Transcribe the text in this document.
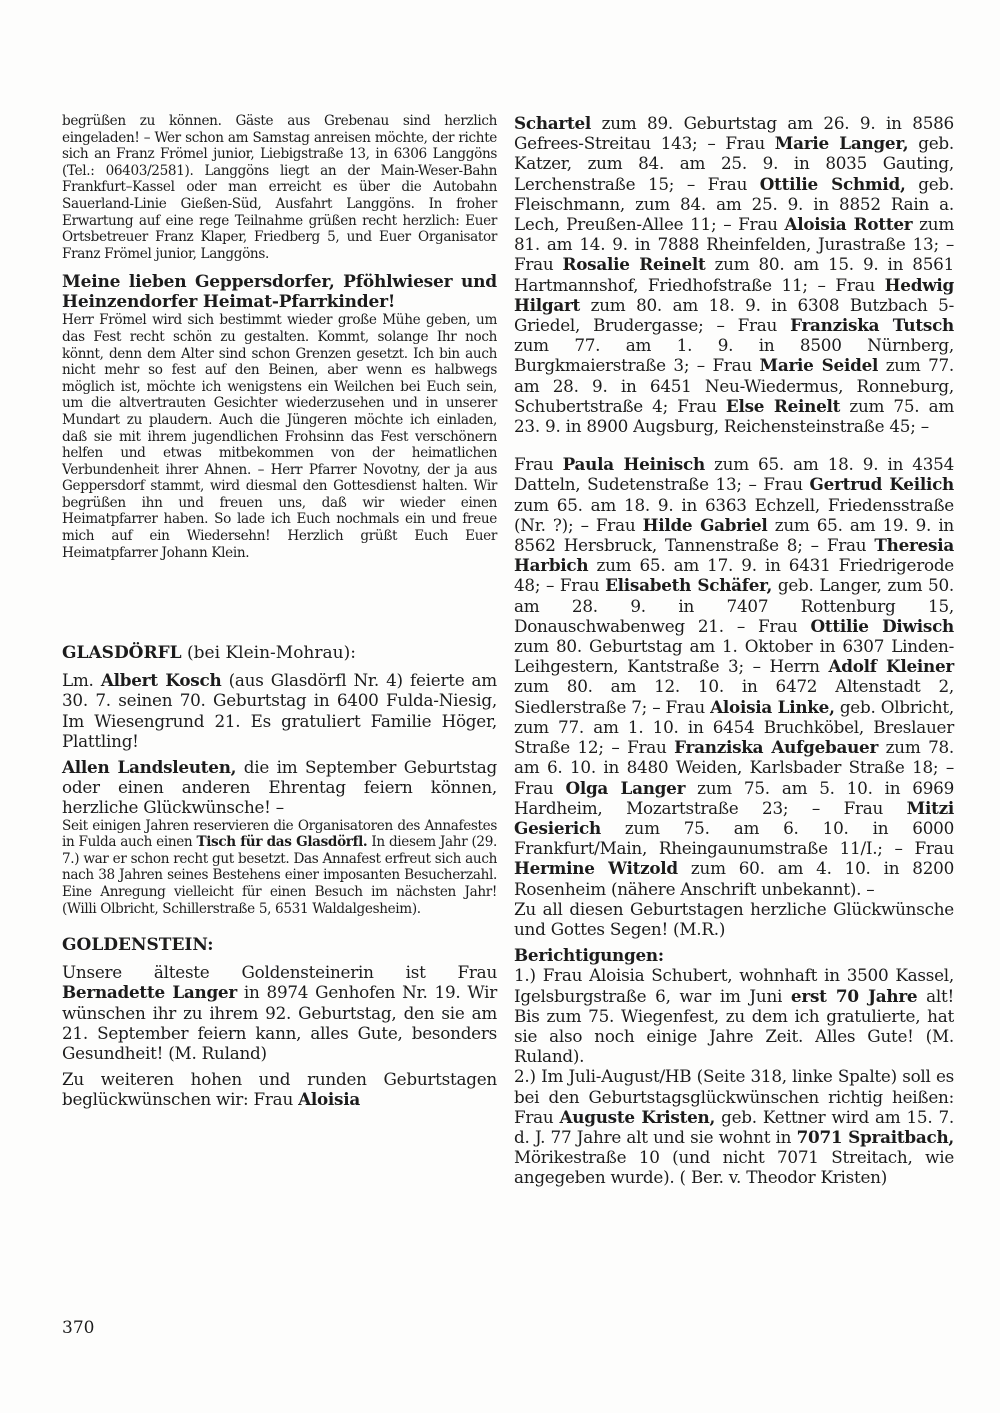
begrüßen zu können. Gäste aus Grebenau sind herzlich eingeladen! – Wer schon am Samstag anreisen möchte, der richte sich an Franz Frömel junior, Liebigstraße 13, in 6306 Langgöns (Tel.: 06403/2581). Langgöns liegt an der Main-Weser-Bahn Frankfurt–Kassel oder man erreicht es über die Autobahn Sauerland-Linie Gießen-Süd, Ausfahrt Langgöns. In froher Erwartung auf eine rege Teilnahme grüßen recht herzlich: Euer Ortsbetreuer Franz Klaper, Friedberg 5, und Euer Organisator Franz Frömel junior, Langgöns.

Meine lieben Geppersdorfer, Pföhlwieser und Heinzendorfer Heimat-Pfarrkinder!

Herr Frömel wird sich bestimmt wieder große Mühe geben, um das Fest recht schön zu gestalten. Kommt, solange Ihr noch könnt, denn dem Alter sind schon Grenzen gesetzt. Ich bin auch nicht mehr so fest auf den Beinen, aber wenn es halbwegs möglich ist, möchte ich wenigstens ein Weilchen bei Euch sein, um die altvertrauten Gesichter wiederzusehen und in unserer Mundart zu plaudern. Auch die Jüngeren möchte ich einladen, daß sie mit ihrem jugendlichen Frohsinn das Fest verschönern helfen und etwas mitbekommen von der heimatlichen Verbundenheit ihrer Ahnen. – Herr Pfarrer Novotny, der ja aus Geppersdorf stammt, wird diesmal den Gottesdienst halten. Wir begrüßen ihn und freuen uns, daß wir wieder einen Heimatpfarrer haben. So lade ich Euch nochmals ein und freue mich auf ein Wiedersehn! Herzlich grüßt Euch Euer Heimatpfarrer Johann Klein.

GLASDÖRFL (bei Klein-Mohrau):

Lm. Albert Kosch (aus Glasdörfl Nr. 4) feierte am 30. 7. seinen 70. Geburtstag in 6400 Fulda-Niesig, Im Wiesengrund 21. Es gratuliert Familie Höger, Plattling!

Allen Landsleuten, die im September Geburtstag oder einen anderen Ehrentag feiern können, herzliche Glückwünsche! –

Seit einigen Jahren reservieren die Organisatoren des Annafestes in Fulda auch einen Tisch für das Glasdörfl. In diesem Jahr (29. 7.) war er schon recht gut besetzt. Das Annafest erfreut sich auch nach 38 Jahren seines Bestehens einer imposanten Besucherzahl. Eine Anregung vielleicht für einen Besuch im nächsten Jahr! (Willi Olbricht, Schillerstraße 5, 6531 Waldalgesheim).

GOLDENSTEIN:

Unsere älteste Goldensteinerin ist Frau Bernadette Langer in 8974 Genhofen Nr. 19. Wir wünschen ihr zu ihrem 92. Geburtstag, den sie am 21. September feiern kann, alles Gute, besonders Gesundheit! (M. Ruland)

Zu weiteren hohen und runden Geburtstagen beglückwünschen wir: Frau Aloisia

Schartel zum 89. Geburtstag am 26. 9. in 8586 Gefrees-Streitau 143; – Frau Marie Langer, geb. Katzer, zum 84. am 25. 9. in 8035 Gauting, Lerchenstraße 15; – Frau Ottilie Schmid, geb. Fleischmann, zum 84. am 25. 9. in 8852 Rain a. Lech, Preußen-Allee 11; – Frau Aloisia Rotter zum 81. am 14. 9. in 7888 Rheinfelden, Jurastraße 13; – Frau Rosalie Reinelt zum 80. am 15. 9. in 8561 Hartmannshof, Friedhofstraße 11; – Frau Hedwig Hilgart zum 80. am 18. 9. in 6308 Butzbach 5-Griedel, Brudergasse; – Frau Franziska Tutsch zum 77. am 1. 9. in 8500 Nürnberg, Burgkmaierstraße 3; – Frau Marie Seidel zum 77. am 28. 9. in 6451 Neu-Wiedermus, Ronneburg, Schubertstraße 4; Frau Else Reinelt zum 75. am 23. 9. in 8900 Augsburg, Reichensteinstraße 45; –

Frau Paula Heinisch zum 65. am 18. 9. in 4354 Datteln, Sudetenstraße 13; – Frau Gertrud Keilich zum 65. am 18. 9. in 6363 Echzell, Friedensstraße (Nr. ?); – Frau Hilde Gabriel zum 65. am 19. 9. in 8562 Hersbruck, Tannenstraße 8; – Frau Theresia Harbich zum 65. am 17. 9. in 6431 Friedrigerode 48; – Frau Elisabeth Schäfer, geb. Langer, zum 50. am 28. 9. in 7407 Rottenburg 15, Donauschwabenweg 21. – Frau Ottilie Diwisch zum 80. Geburtstag am 1. Oktober in 6307 Linden-Leihgestern, Kantstraße 3; – Herrn Adolf Kleiner zum 80. am 12. 10. in 6472 Altenstadt 2, Siedlerstraße 7; – Frau Aloisia Linke, geb. Olbricht, zum 77. am 1. 10. in 6454 Bruchköbel, Breslauer Straße 12; – Frau Franziska Aufgebauer zum 78. am 6. 10. in 8480 Weiden, Karlsbader Straße 18; – Frau Olga Langer zum 75. am 5. 10. in 6969 Hardheim, Mozartstraße 23; – Frau Mitzi Gesierich zum 75. am 6. 10. in 6000 Frankfurt/Main, Rheingaunumstraße 11/I.; – Frau Hermine Witzold zum 60. am 4. 10. in 8200 Rosenheim (nähere Anschrift unbekannt). –

Zu all diesen Geburtstagen herzliche Glückwünsche und Gottes Segen! (M.R.)

Berichtigungen:

1.) Frau Aloisia Schubert, wohnhaft in 3500 Kassel, Igelsburgstraße 6, war im Juni erst 70 Jahre alt! Bis zum 75. Wiegenfest, zu dem ich gratulierte, hat sie also noch einige Jahre Zeit. Alles Gute! (M. Ruland).

2.) Im Juli-August/HB (Seite 318, linke Spalte) soll es bei den Geburtstagsglückwünschen richtig heißen: Frau Auguste Kristen, geb. Kettner wird am 15. 7. d. J. 77 Jahre alt und sie wohnt in 7071 Spraitbach, Mörikestraße 10 (und nicht 7071 Streitach, wie angegeben wurde). ( Ber. v. Theodor Kristen)

370
